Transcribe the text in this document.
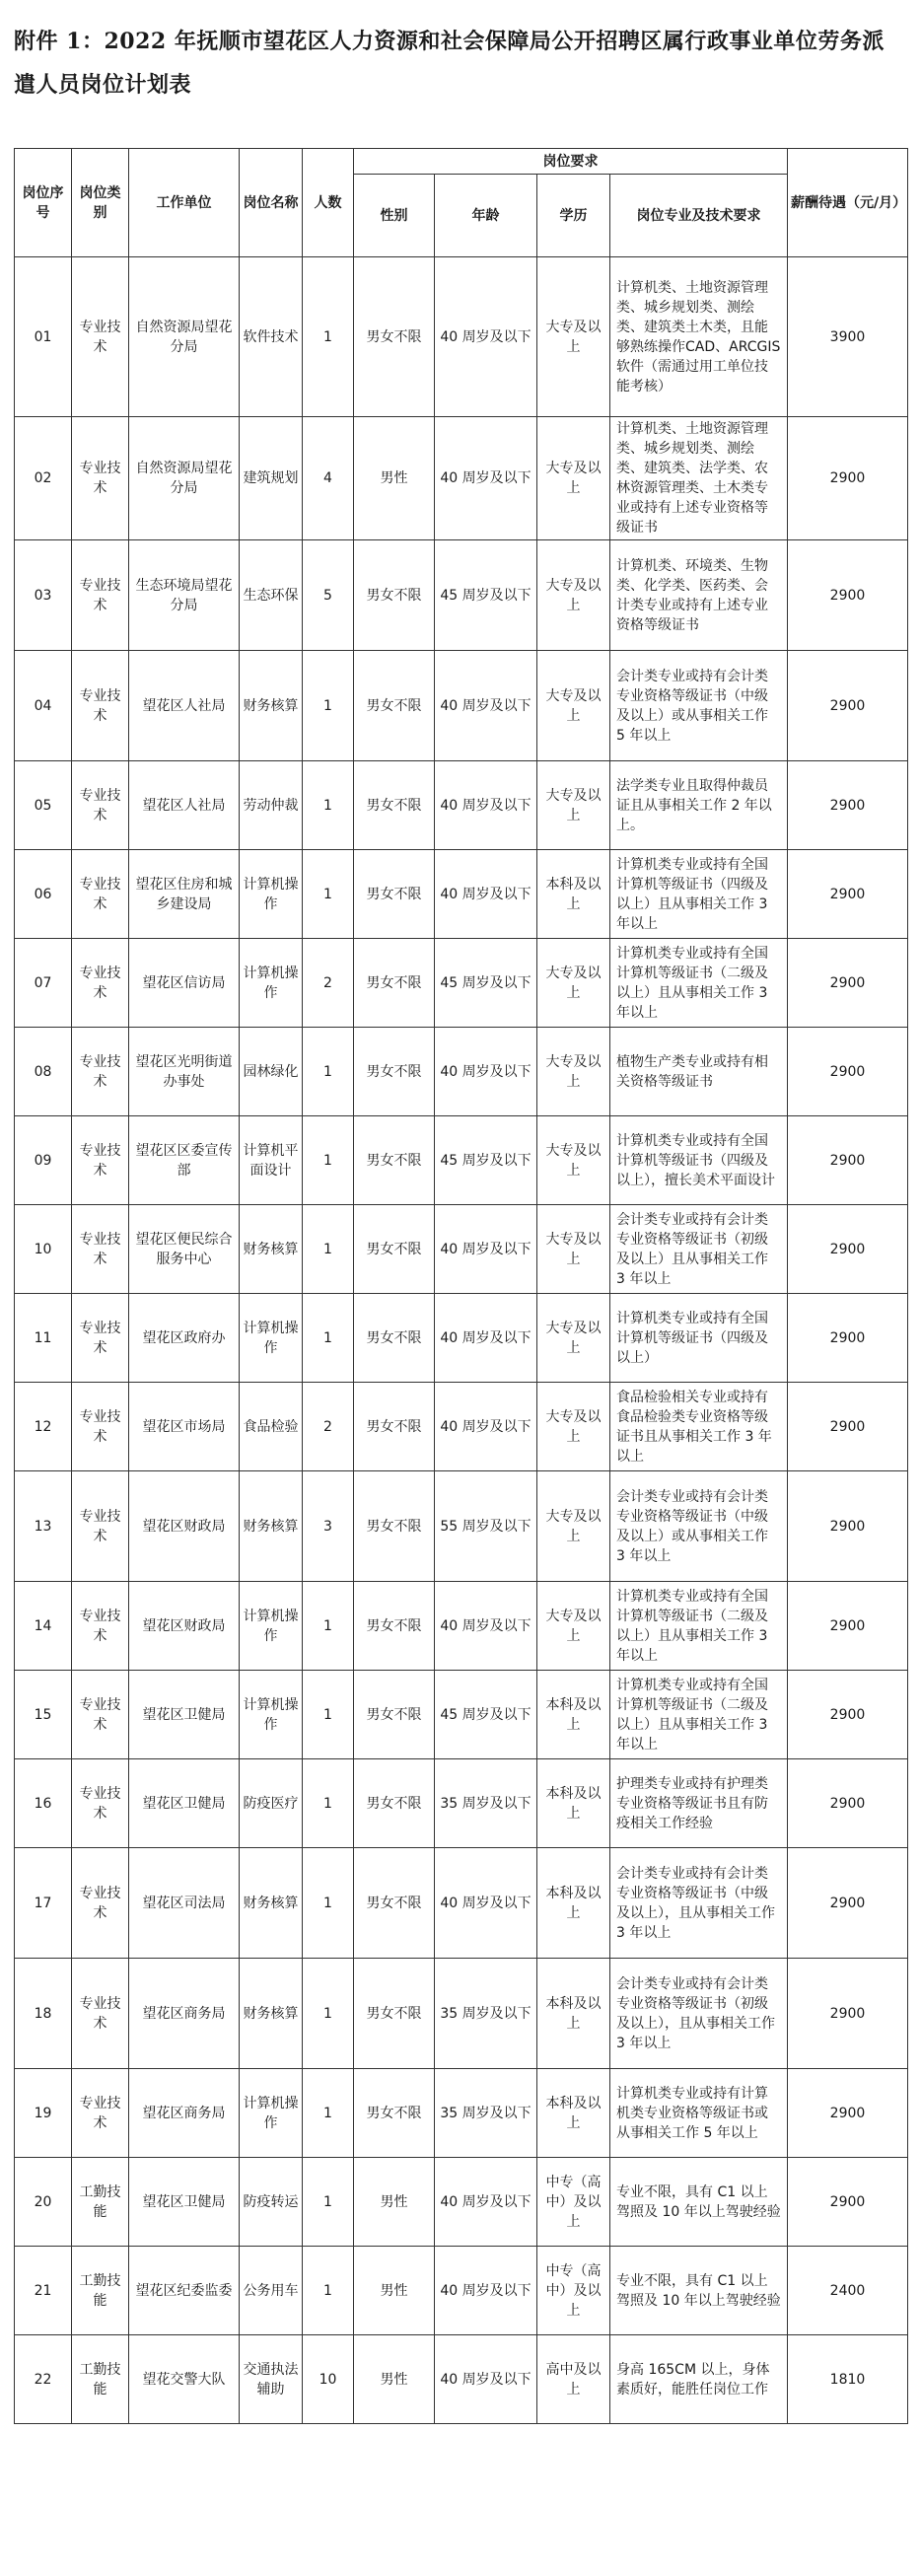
附件 1：2022 年抚顺市望花区人力资源和社会保障局公开招聘区属行政事业单位劳务派遣人员岗位计划表
岗位序号	岗位类别	工作单位	岗位名称	人数	岗位要求				薪酬待遇（元/月）
					性别	年龄	学历	岗位专业及技术要求	
01	专业技术	自然资源局望花分局	软件技术	1	男女不限	40 周岁及以下	大专及以上	计算机类、土地资源管理类、城乡规划类、测绘类、建筑类土木类，且能够熟练操作CAD、ARCGIS 软件（需通过用工单位技能考核）	3900
02	专业技术	自然资源局望花分局	建筑规划	4	男性	40 周岁及以下	大专及以上	计算机类、土地资源管理类、城乡规划类、测绘类、建筑类、法学类、农林资源管理类、土木类专业或持有上述专业资格等级证书	2900
03	专业技术	生态环境局望花分局	生态环保	5	男女不限	45 周岁及以下	大专及以上	计算机类、环境类、生物类、化学类、医药类、会计类专业或持有上述专业资格等级证书	2900
04	专业技术	望花区人社局	财务核算	1	男女不限	40 周岁及以下	大专及以上	会计类专业或持有会计类专业资格等级证书（中级及以上）或从事相关工作 5 年以上	2900
05	专业技术	望花区人社局	劳动仲裁	1	男女不限	40 周岁及以下	大专及以上	法学类专业且取得仲裁员证且从事相关工作 2 年以上。	2900
06	专业技术	望花区住房和城乡建设局	计算机操作	1	男女不限	40 周岁及以下	本科及以上	计算机类专业或持有全国计算机等级证书（四级及以上）且从事相关工作 3 年以上	2900
07	专业技术	望花区信访局	计算机操作	2	男女不限	45 周岁及以下	大专及以上	计算机类专业或持有全国计算机等级证书（二级及以上）且从事相关工作 3 年以上	2900
08	专业技术	望花区光明街道办事处	园林绿化	1	男女不限	40 周岁及以下	大专及以上	植物生产类专业或持有相关资格等级证书	2900
09	专业技术	望花区区委宣传部	计算机平面设计	1	男女不限	45 周岁及以下	大专及以上	计算机类专业或持有全国计算机等级证书（四级及以上），擅长美术平面设计	2900
10	专业技术	望花区便民综合服务中心	财务核算	1	男女不限	40 周岁及以下	大专及以上	会计类专业或持有会计类专业资格等级证书（初级及以上）且从事相关工作 3 年以上	2900
11	专业技术	望花区政府办	计算机操作	1	男女不限	40 周岁及以下	大专及以上	计算机类专业或持有全国计算机等级证书（四级及以上）	2900
12	专业技术	望花区市场局	食品检验	2	男女不限	40 周岁及以下	大专及以上	食品检验相关专业或持有食品检验类专业资格等级证书且从事相关工作 3 年以上	2900
13	专业技术	望花区财政局	财务核算	3	男女不限	55 周岁及以下	大专及以上	会计类专业或持有会计类专业资格等级证书（中级及以上）或从事相关工作 3 年以上	2900
14	专业技术	望花区财政局	计算机操作	1	男女不限	40 周岁及以下	大专及以上	计算机类专业或持有全国计算机等级证书（二级及以上）且从事相关工作 3 年以上	2900
15	专业技术	望花区卫健局	计算机操作	1	男女不限	45 周岁及以下	本科及以上	计算机类专业或持有全国计算机等级证书（二级及以上）且从事相关工作 3 年以上	2900
16	专业技术	望花区卫健局	防疫医疗	1	男女不限	35 周岁及以下	本科及以上	护理类专业或持有护理类专业资格等级证书且有防疫相关工作经验	2900
17	专业技术	望花区司法局	财务核算	1	男女不限	40 周岁及以下	本科及以上	会计类专业或持有会计类专业资格等级证书（中级及以上），且从事相关工作 3 年以上	2900
18	专业技术	望花区商务局	财务核算	1	男女不限	35 周岁及以下	本科及以上	会计类专业或持有会计类专业资格等级证书（初级及以上），且从事相关工作 3 年以上	2900
19	专业技术	望花区商务局	计算机操作	1	男女不限	35 周岁及以下	本科及以上	计算机类专业或持有计算机类专业资格等级证书或从事相关工作 5 年以上	2900
20	工勤技能	望花区卫健局	防疫转运	1	男性	40 周岁及以下	中专（高中）及以上	专业不限，具有 C1 以上驾照及 10 年以上驾驶经验	2900
21	工勤技能	望花区纪委监委	公务用车	1	男性	40 周岁及以下	中专（高中）及以上	专业不限，具有 C1 以上驾照及 10 年以上驾驶经验	2400
22	工勤技能	望花交警大队	交通执法辅助	10	男性	40 周岁及以下	高中及以上	身高 165CM 以上，身体素质好，能胜任岗位工作	1810
